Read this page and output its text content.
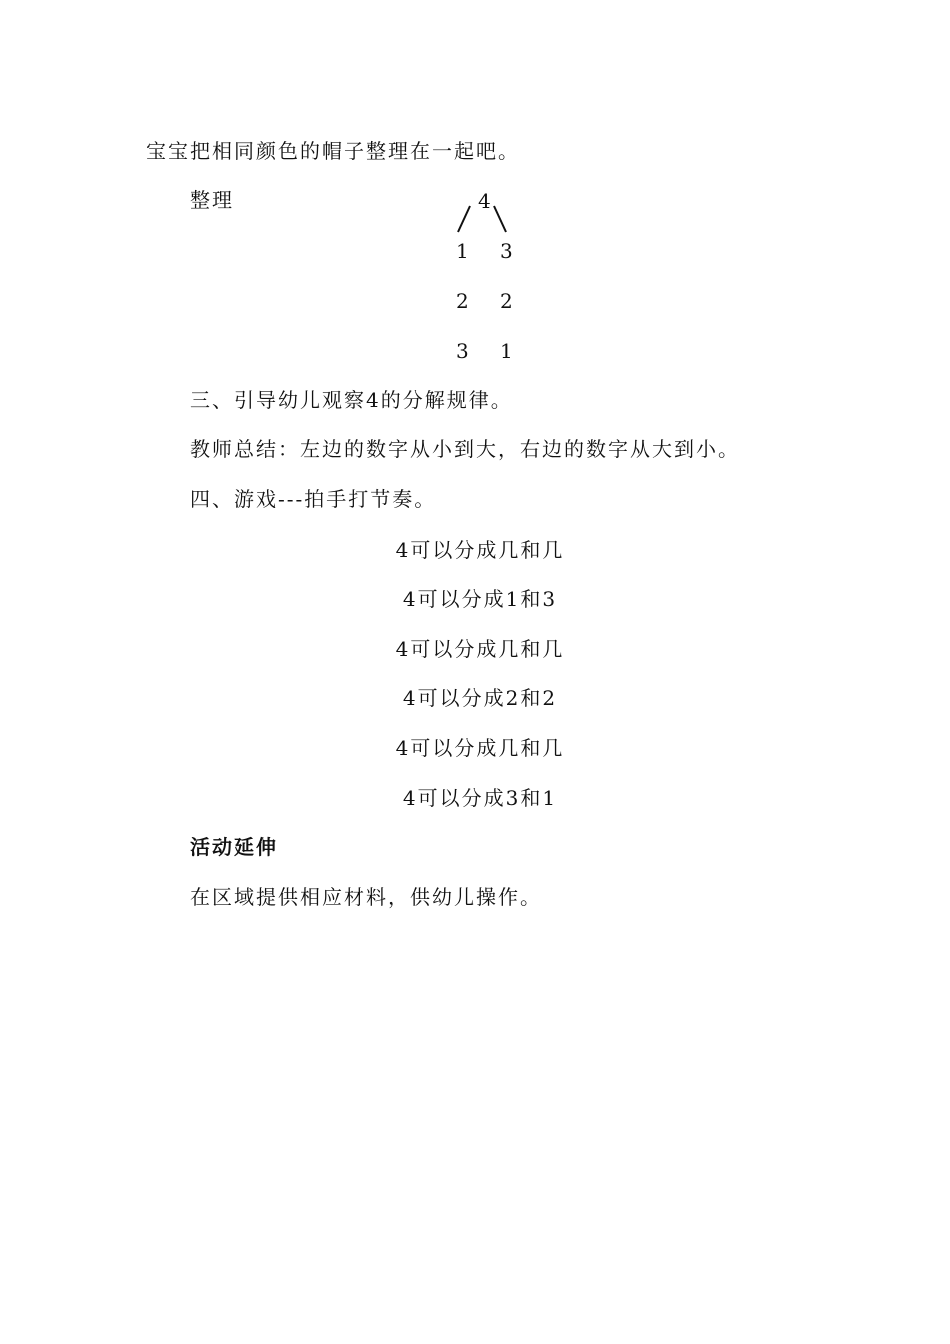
宝宝把相同颜色的帽子整理在一起吧。
整理	4
1 3
2 2
3 1
三、引导幼儿观察4的分解规律。
教师总结：左边的数字从小到大，右边的数字从大到小。
四、游戏---拍手打节奏。
4可以分成几和几
4可以分成1和3
4可以分成几和几
4可以分成2和2
4可以分成几和几
4可以分成3和1
活动延伸
在区域提供相应材料，供幼儿操作。
